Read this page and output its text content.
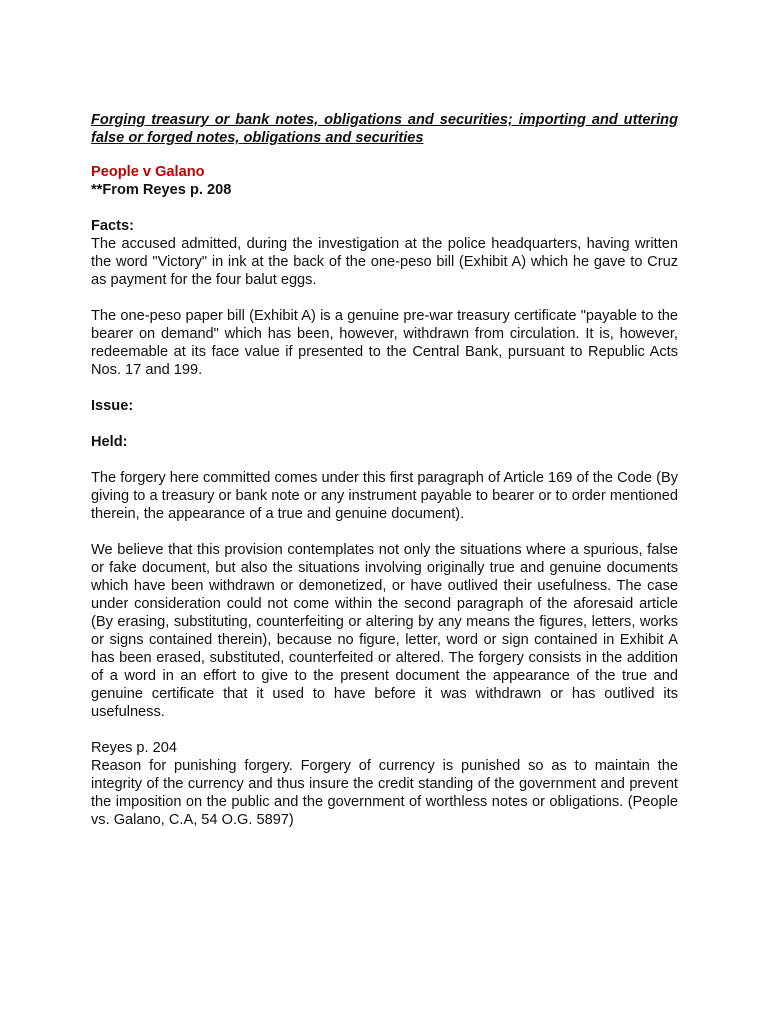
Forging treasury or bank notes, obligations and securities; importing and uttering false or forged notes, obligations and securities

People v Galano
**From Reyes p. 208
Facts:

The accused admitted, during the investigation at the police headquarters, having written the word "Victory" in ink at the back of the one-peso bill (Exhibit A) which he gave to Cruz as payment for the four balut eggs.

The one-peso paper bill (Exhibit A) is a genuine pre-war treasury certificate "payable to the bearer on demand" which has been, however, withdrawn from circulation. It is, however, redeemable at its face value if presented to the Central Bank, pursuant to Republic Acts Nos. 17 and 199.

Issue:
Held:

The forgery here committed comes under this first paragraph of Article 169 of the Code (By giving to a treasury or bank note or any instrument payable to bearer or to order mentioned therein, the appearance of a true and genuine document).

We believe that this provision contemplates not only the situations where a spurious, false or fake document, but also the situations involving originally true and genuine documents which have been withdrawn or demonetized, or have outlived their usefulness. The case under consideration could not come within the second paragraph of the aforesaid article (By erasing, substituting, counterfeiting or altering by any means the figures, letters, works or signs contained therein), because no figure, letter, word or sign contained in Exhibit A has been erased, substituted, counterfeited or altered. The forgery consists in the addition of a word in an effort to give to the present document the appearance of the true and genuine certificate that it used to have before it was withdrawn or has outlived its usefulness.

Reyes p. 204

Reason for punishing forgery. Forgery of currency is punished so as to maintain the integrity of the currency and thus insure the credit standing of the government and prevent the imposition on the public and the government of worthless notes or obligations. (People vs. Galano, C.A, 54 O.G. 5897)
